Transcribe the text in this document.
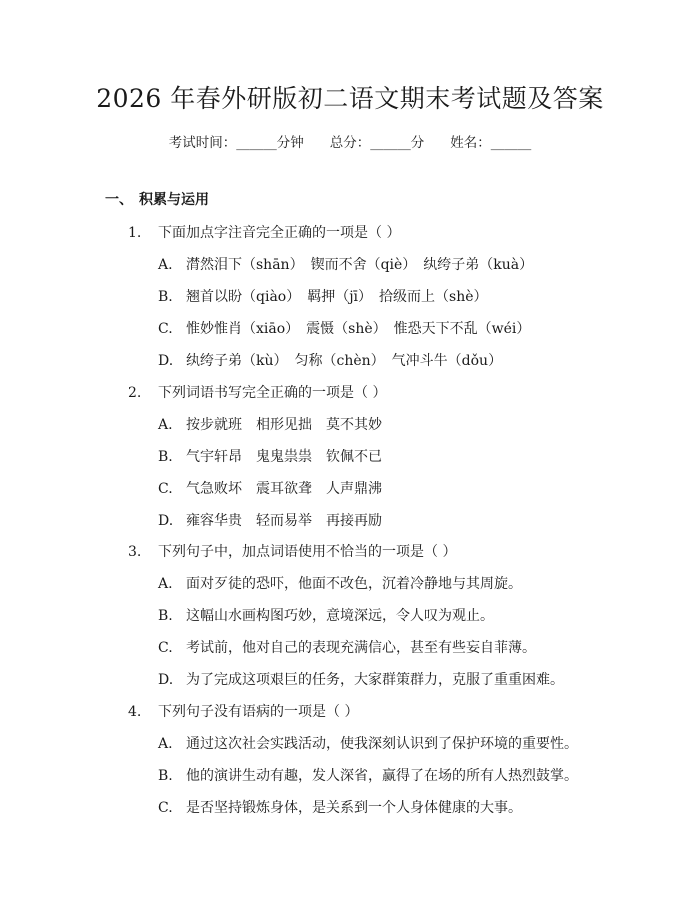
2026 年春外研版初二语文期末考试题及答案
考试时间：______分钟 总分：______分 姓名：______
一、 积累与运用
1. 下面加点字注音完全正确的一项是（ ）
A. 潸然泪下（shān）　锲而不舍（qiè）　纨绔子弟（kuà）
B. 翘首以盼（qiào）　羁押（jī）　拾级而上（shè）
C. 惟妙惟肖（xiāo）　震慑（shè）　惟恐天下不乱（wéi）
D. 纨绔子弟（kù）　匀称（chèn）　气冲斗牛（dǒu）
2. 下列词语书写完全正确的一项是（ ）
A. 按步就班　相形见拙　莫不其妙
B. 气宇轩昂　鬼鬼祟祟　钦佩不已
C. 气急败坏　震耳欲聋　人声鼎沸
D. 雍容华贵　轻而易举　再接再励
3. 下列句子中，加点词语使用不恰当的一项是（ ）
A. 面对歹徒的恐吓，他面不改色，沉着冷静地与其周旋。
B. 这幅山水画构图巧妙，意境深远，令人叹为观止。
C. 考试前，他对自己的表现充满信心，甚至有些妄自菲薄。
D. 为了完成这项艰巨的任务，大家群策群力，克服了重重困难。
4. 下列句子没有语病的一项是（ ）
A. 通过这次社会实践活动，使我深刻认识到了保护环境的重要性。
B. 他的演讲生动有趣，发人深省，赢得了在场的所有人热烈鼓掌。
C. 是否坚持锻炼身体，是关系到一个人身体健康的大事。
